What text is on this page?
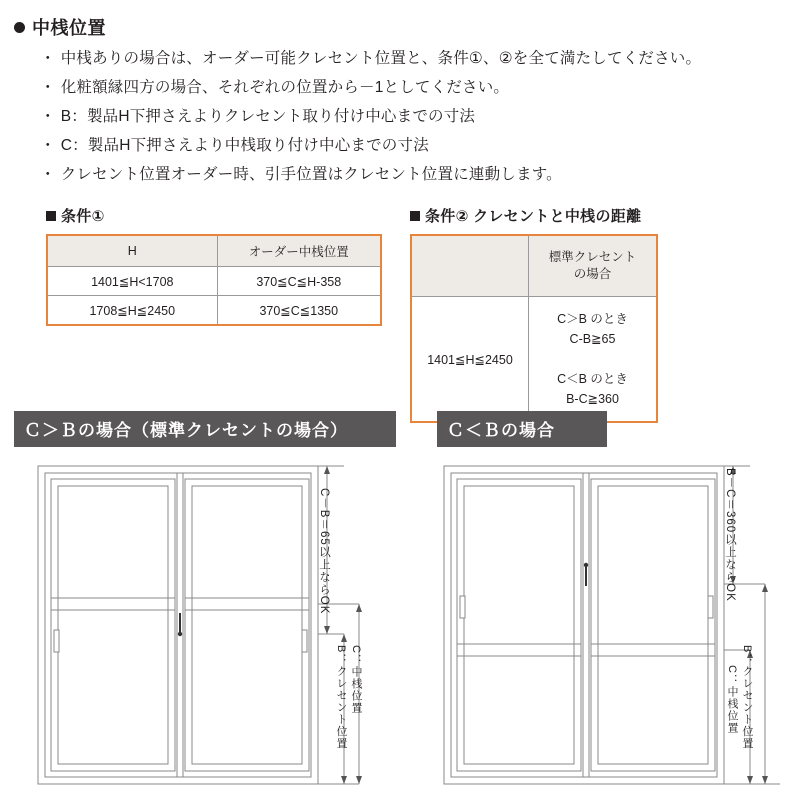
中桟位置
・ 中桟ありの場合は、オーダー可能クレセント位置と、条件①、②を全て満たしてください。
・ 化粧額縁四方の場合、それぞれの位置から－1としてください。
・ B：製品H下押さえよりクレセント取り付け中心までの寸法
・ C：製品H下押さえより中桟取り付け中心までの寸法
・ クレセント位置オーダー時、引手位置はクレセント位置に連動します。
条件①
H	オーダー中桟位置
1401≦H<1708	370≦C≦H-358
1708≦H≦2450	370≦C≦1350
条件② クレセントと中桟の距離
	標準クレセント
の場合
1401≦H≦2450	C＞B のとき
C-B≧65

C＜B のとき
B-C≧360
Ｃ＞Ｂの場合（標準クレセントの場合）	Ｃ＜Ｂの場合
C－B＝65以上ならOK
B：クレセント位置 C：中桟位置
B－C＝360以上ならOK
B：クレセント位置
C：中桟位置
